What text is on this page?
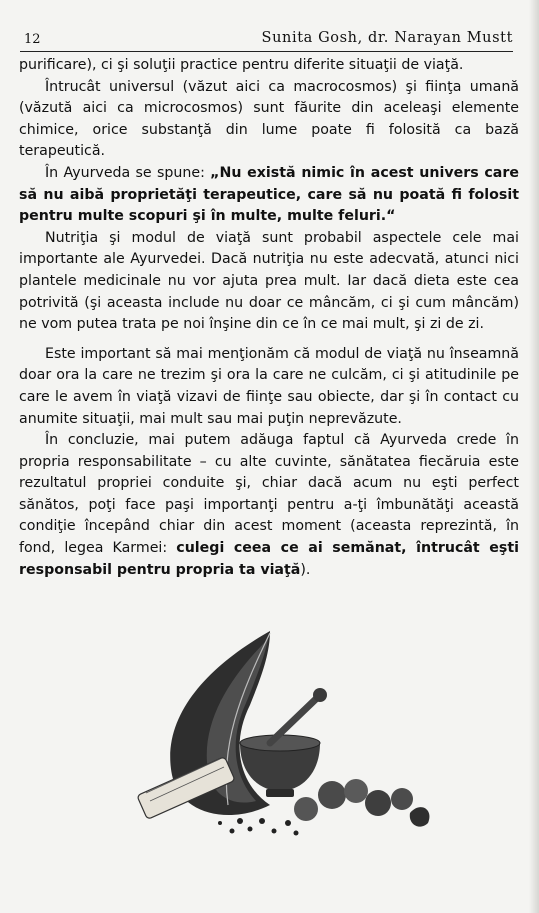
12	Sunita Gosh, dr. Narayan Mustt

purificare), ci şi soluţii practice pentru diferite situaţii de viaţă.

Întrucât universul (văzut aici ca macrocosmos) şi fiinţa umană (văzută aici ca microcosmos) sunt făurite din aceleaşi elemente chimice, orice substanţă din lume poate fi folosită ca bază terapeutică.

În Ayurveda se spune: „Nu există nimic în acest univers care să nu aibă proprietăţi terapeutice, care să nu poată fi folosit pentru multe scopuri şi în multe, multe feluri.“

Nutriţia şi modul de viaţă sunt probabil aspectele cele mai importante ale Ayurvedei. Dacă nutriţia nu este adecvată, atunci nici plantele medicinale nu vor ajuta prea mult. Iar dacă dieta este cea potrivită (şi aceasta include nu doar ce mâncăm, ci şi cum mâncăm) ne vom putea trata pe noi înşine din ce în ce mai mult, şi zi de zi.

Este important să mai menţionăm că modul de viaţă nu înseamnă doar ora la care ne trezim şi ora la care ne culcăm, ci şi atitudinile pe care le avem în viaţă vizavi de fiinţe sau obiecte, dar şi în contact cu anumite situaţii, mai mult sau mai puţin neprevăzute.

În concluzie, mai putem adăuga faptul că Ayurveda crede în propria responsabilitate – cu alte cuvinte, sănătatea fiecăruia este rezultatul propriei conduite şi, chiar dacă acum nu eşti perfect sănătos, poţi face paşi importanţi pentru a-ţi îmbunătăţi această condiţie începând chiar din acest moment (aceasta reprezintă, în fond, legea Karmei: culegi ceea ce ai semănat, întrucât eşti responsabil pentru propria ta viaţă).
